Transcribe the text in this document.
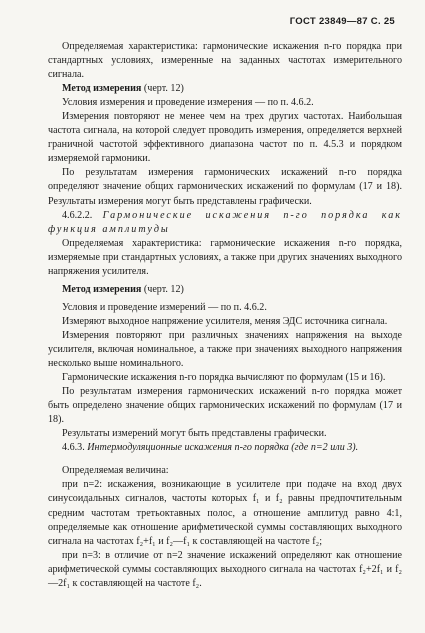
ГОСТ 23849—87 С. 25

Определяемая характеристика: гармонические искажения n-го порядка при стандартных условиях, измеренные на заданных частотах измерительного сигнала.

Метод измерения (черт. 12)

Условия измерения и проведение измерения — по п. 4.6.2.

Измерения повторяют не менее чем на трех других частотах. Наибольшая частота сигнала, на которой следует проводить измерения, определяется верхней граничной частотой эффективного диапазона частот по п. 4.5.3 и порядком измеряемой гармоники.

По результатам измерения гармонических искажений n-го порядка определяют значение общих гармонических искажений по формулам (17 и 18). Результаты измерения могут быть представлены графически.

4.6.2.2. Гармонические искажения n-го порядка как функция амплитуды

Определяемая характеристика: гармонические искажения n-го порядка, измеряемые при стандартных условиях, а также при других значениях выходного напряжения усилителя.

Метод измерения (черт. 12)

Условия и проведение измерений — по п. 4.6.2.

Измеряют выходное напряжение усилителя, меняя ЭДС источника сигнала.

Измерения повторяют при различных значениях напряжения на выходе усилителя, включая номинальное, а также при значениях выходного напряжения несколько выше номинального.

Гармонические искажения n-го порядка вычисляют по формулам (15 и 16).

По результатам измерения гармонических искажений n-го порядка может быть определено значение общих гармонических искажений по формулам (17 и 18).

Результаты измерений могут быть представлены графически.

4.6.3. Интермодуляционные искажения n-го порядка (где n=2 или 3).

Определяемая величина:

при n=2: искажения, возникающие в усилителе при подаче на вход двух синусоидальных сигналов, частоты которых f₁ и f₂ равны предпочтительным средним частотам третьоктавных полос, а отношение амплитуд равно 4:1, определяемые как отношение арифметической суммы составляющих выходного сигнала на частотах f₂+f₁ и f₂—f₁ к составляющей на частоте f₂;

при n=3: в отличие от n=2 значение искажений определяют как отношение арифметической суммы составляющих выходного сигнала на частотах f₂+2f₁ и f₂—2f₁ к составляющей на частоте f₂.
